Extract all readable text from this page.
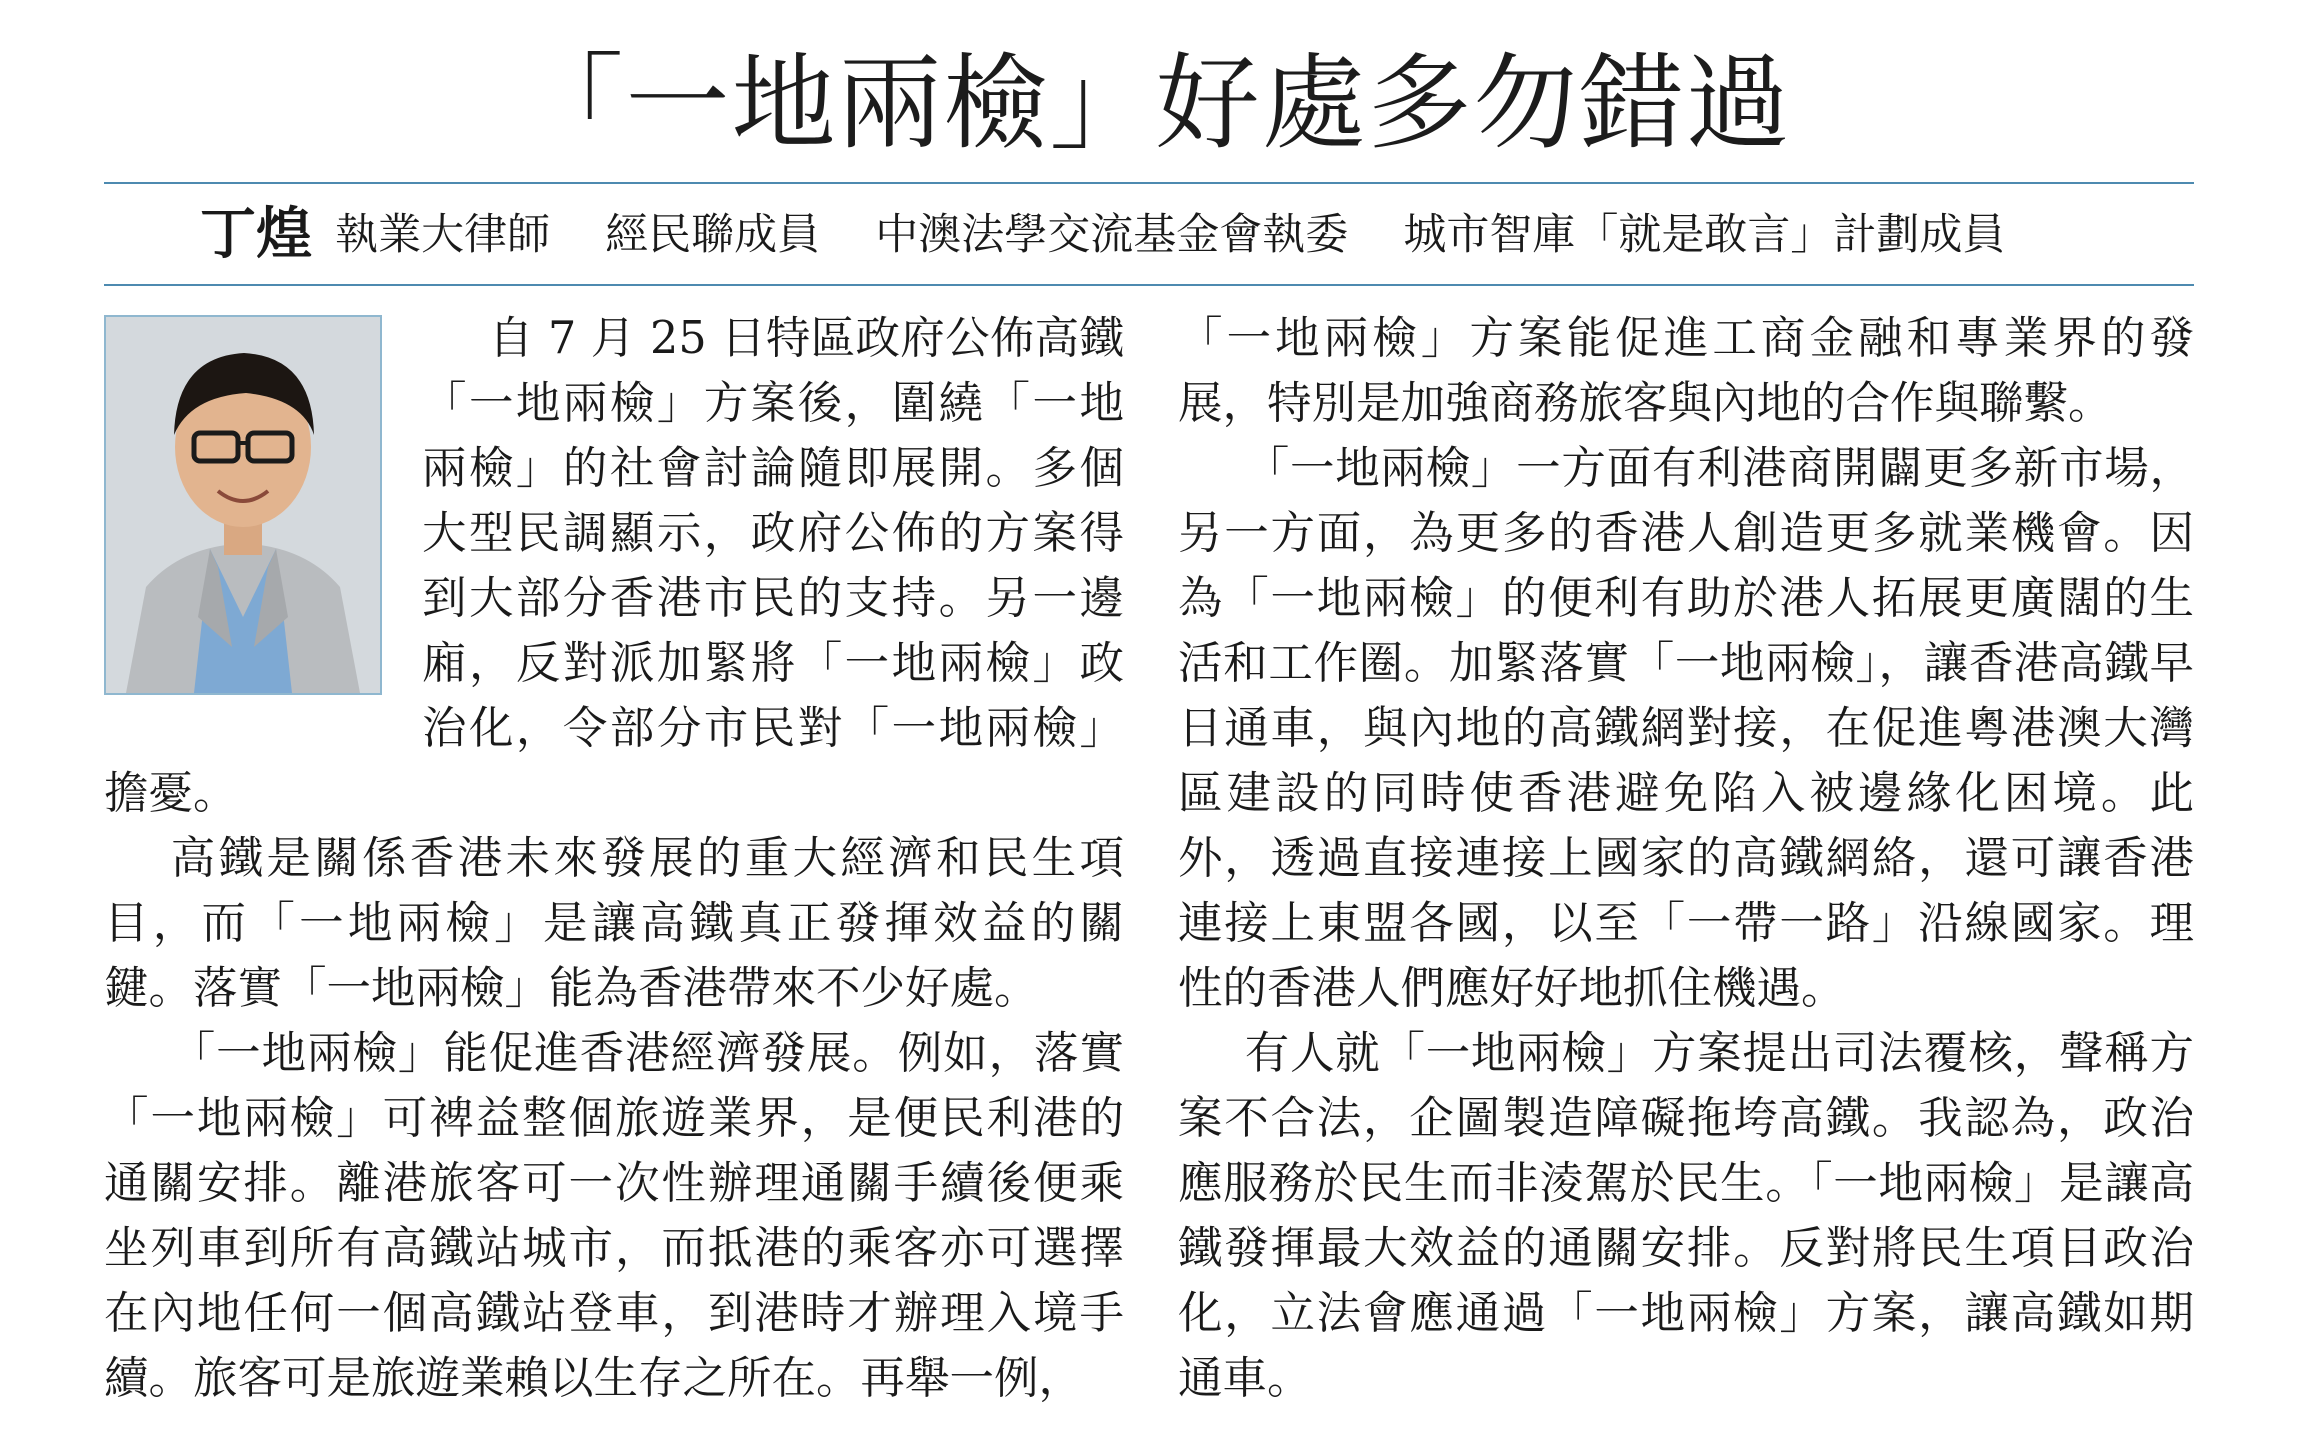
「一地兩檢」好處多勿錯過
丁煌 執業大律師 經民聯成員 中澳法學交流基金會執委 城市智庫「就是敢言」計劃成員

自 7 月 25 日特區政府公佈高鐵「一地兩檢」方案後，圍繞「一地兩檢」的社會討論隨即展開。多個大型民調顯示，政府公佈的方案得到大部分香港市民的支持。另一邊廂，反對派加緊將「一地兩檢」政治化，令部分市民對「一地兩檢」擔憂。

高鐵是關係香港未來發展的重大經濟和民生項目，而「一地兩檢」是讓高鐵真正發揮效益的關鍵。落實「一地兩檢」能為香港帶來不少好處。

「一地兩檢」能促進香港經濟發展。例如，落實「一地兩檢」可裨益整個旅遊業界，是便民利港的通關安排。離港旅客可一次性辦理通關手續後便乘坐列車到所有高鐵站城市，而抵港的乘客亦可選擇在內地任何一個高鐵站登車，到港時才辦理入境手續。旅客可是旅遊業賴以生存之所在。再舉一例，

「一地兩檢」方案能促進工商金融和專業界的發展，特別是加強商務旅客與內地的合作與聯繫。

「一地兩檢」一方面有利港商開闢更多新市場，另一方面，為更多的香港人創造更多就業機會。因為「一地兩檢」的便利有助於港人拓展更廣闊的生活和工作圈。加緊落實「一地兩檢」，讓香港高鐵早日通車，與內地的高鐵網對接，在促進粵港澳大灣區建設的同時使香港避免陷入被邊緣化困境。此外，透過直接連接上國家的高鐵網絡，還可讓香港連接上東盟各國，以至「一帶一路」沿線國家。理性的香港人們應好好地抓住機遇。

有人就「一地兩檢」方案提出司法覆核，聲稱方案不合法，企圖製造障礙拖垮高鐵。我認為，政治應服務於民生而非淩駕於民生。「一地兩檢」是讓高鐵發揮最大效益的通關安排。反對將民生項目政治化，立法會應通過「一地兩檢」方案，讓高鐵如期通車。
